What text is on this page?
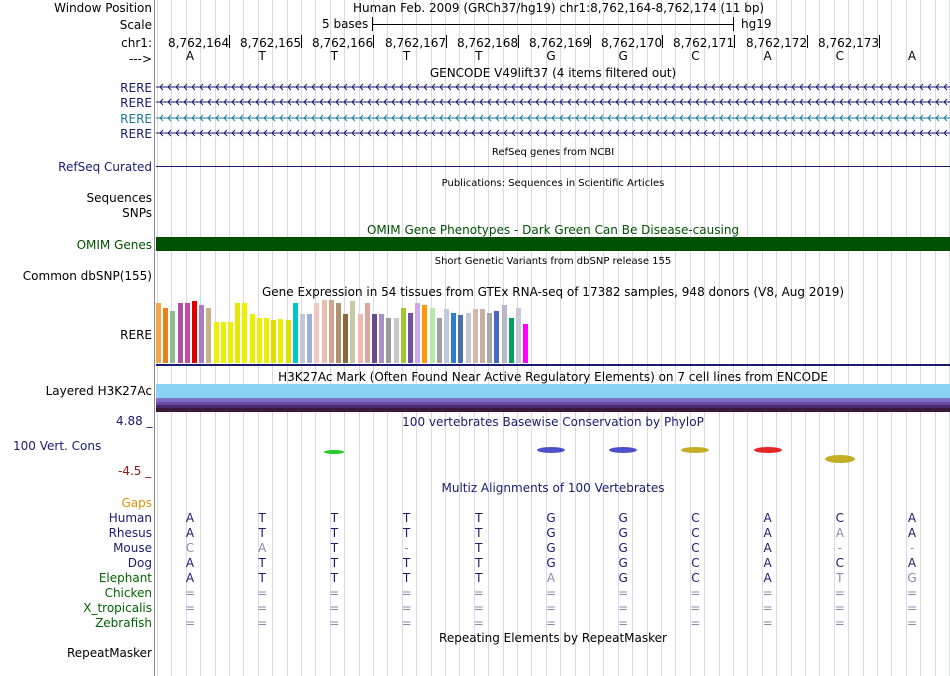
Window Position
Scale
chr1:
--->
Human Feb. 2009 (GRCh37/hg19) chr1:8,762,164-8,762,174 (11 bp)
5 bases	hg19
8,762,164 8,762,165 8,762,166 8,762,167 8,762,168 8,762,169 8,762,170 8,762,171 8,762,172 8,762,173
A	T	T	T	T	G	G	C	A	C	A
GENCODE V49lift37 (4 items filtered out)
RERE
RERE
RERE
RERE
RefSeq genes from NCBI
RefSeq Curated
Publications: Sequences in Scientific Articles
Sequences
SNPs
OMIM Gene Phenotypes - Dark Green Can Be Disease-causing
OMIM Genes
Short Genetic Variants from dbSNP release 155
Common dbSNP(155)
Gene Expression in 54 tissues from GTEx RNA-seq of 17382 samples, 948 donors (V8, Aug 2019)
RERE
H3K27Ac Mark (Often Found Near Active Regulatory Elements) on 7 cell lines from ENCODE
Layered H3K27Ac
100 vertebrates Basewise Conservation by PhyloP
4.88 _
100 Vert. Cons
-4.5 _
Gaps
Multiz Alignments of 100 Vertebrates
Human	A	T	T	T	T	G	G	C	A	C	A
Rhesus	A	T	T	T	T	G	G	C	A	A	A
Mouse	C	A	T	-	T	G	G	C	A	-	-
Dog	A	T	T	T	T	G	G	C	A	C	A
Elephant	A	T	T	T	T	A	G	C	A	T	G
Chicken	=	=	=	=	=	=	=	=	=	=	=
X_tropicalis	=	=	=	=	=	=	=	=	=	=	=
Zebrafish	=	=	=	=	=	=	=	=	=	=	=
Repeating Elements by RepeatMasker
RepeatMasker
